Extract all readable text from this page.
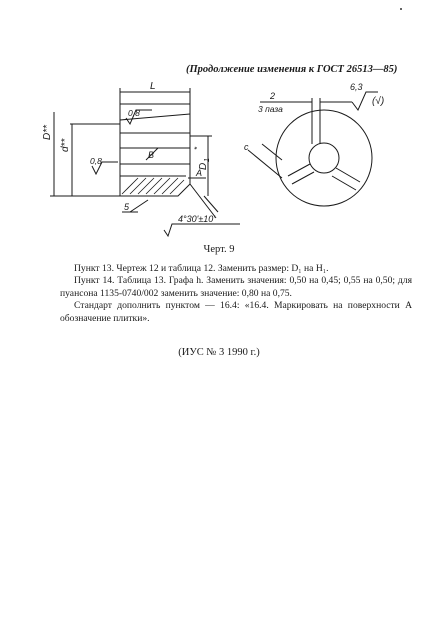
(Продолжение изменения к ГОСТ 26513—85)
L
0,8
0,8
B
A
5
4°30'±10'
D**
d**
D
1
*
2
3 паза
6,3
(√)
c
Черт. 9

Пункт 13. Чертеж 12 и таблица 12. Заменить размер: D₁ на H₁.

Пункт 14. Таблица 13. Графа h. Заменить значения: 0,50 на 0,45; 0,55 на 0,50; для пуансона 1135-0740/002 заменить значение: 0,80 на 0,75.

Стандарт дополнить пунктом — 16.4: «16.4. Маркировать на поверхности A обозначение плитки».

(ИУС № 3 1990 г.)
